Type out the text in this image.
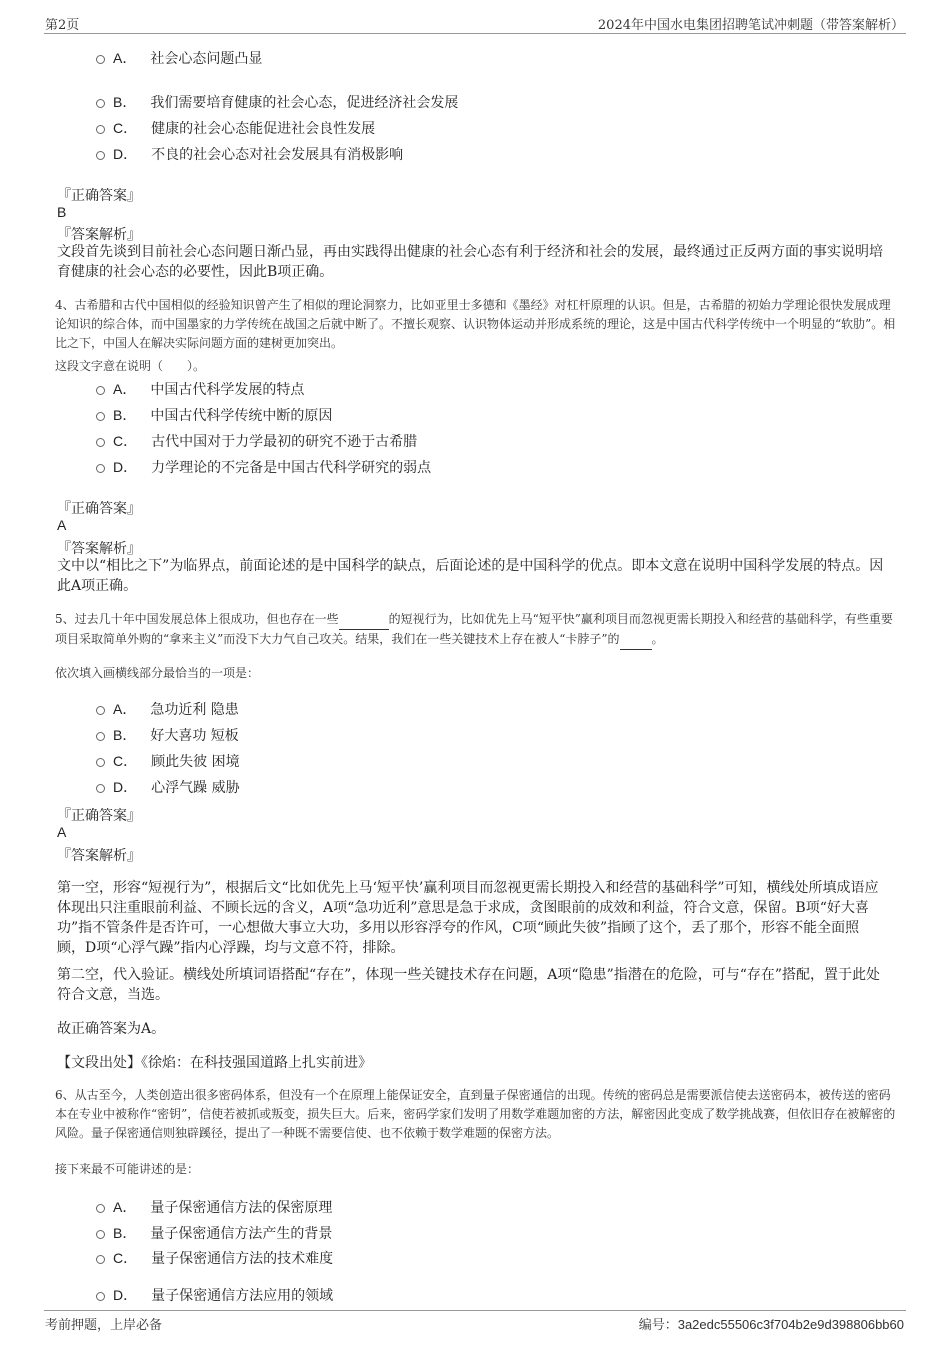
第2页	2024年中国水电集团招聘笔试冲刺题（带答案解析）
A． 社会心态问题凸显
B． 我们需要培育健康的社会心态，促进经济社会发展
C． 健康的社会心态能促进社会良性发展
D． 不良的社会心态对社会发展具有消极影响
『正确答案』
B
『答案解析』
文段首先谈到目前社会心态问题日渐凸显，再由实践得出健康的社会心态有利于经济和社会的发展，最终通过正反两方面的事实说明培育健康的社会心态的必要性，因此B项正确。
4、古希腊和古代中国相似的经验知识曾产生了相似的理论洞察力，比如亚里士多德和《墨经》对杠杆原理的认识。但是，古希腊的初始力学理论很快发展成理论知识的综合体，而中国墨家的力学传统在战国之后就中断了。不擅长观察、认识物体运动并形成系统的理论，这是中国古代科学传统中一个明显的“软肋”。相比之下，中国人在解决实际问题方面的建树更加突出。
这段文字意在说明（　　）。
A． 中国古代科学发展的特点
B． 中国古代科学传统中断的原因
C． 古代中国对于力学最初的研究不逊于古希腊
D． 力学理论的不完备是中国古代科学研究的弱点
『正确答案』
A
『答案解析』
文中以“相比之下”为临界点，前面论述的是中国科学的缺点，后面论述的是中国科学的优点。即本文意在说明中国科学发展的特点。因此A项正确。
5、过去几十年中国发展总体上很成功，但也存在一些	的短视行为，比如优先上马“短平快”赢利项目而忽视更需长期投入和经营的基础科学，有些重要项目采取简单外购的“拿来主义”而没下大力气自己攻关。结果，我们在一些关键技术上存在被人“卡脖子”的	。
依次填入画横线部分最恰当的一项是：
A． 急功近利 隐患
B． 好大喜功 短板
C． 顾此失彼 困境
D． 心浮气躁 威胁
『正确答案』
A
『答案解析』
第一空，形容“短视行为”，根据后文“比如优先上马‘短平快’赢利项目而忽视更需长期投入和经营的基础科学”可知，横线处所填成语应体现出只注重眼前利益、不顾长远的含义，A项“急功近利”意思是急于求成，贪图眼前的成效和利益，符合文意，保留。B项“好大喜功”指不管条件是否许可，一心想做大事立大功，多用以形容浮夸的作风，C项“顾此失彼”指顾了这个，丢了那个，形容不能全面照顾，D项“心浮气躁”指内心浮躁，均与文意不符，排除。
第二空，代入验证。横线处所填词语搭配“存在”，体现一些关键技术存在问题，A项“隐患”指潜在的危险，可与“存在”搭配，置于此处符合文意，当选。
故正确答案为A。
【文段出处】《徐焰：在科技强国道路上扎实前进》
6、从古至今，人类创造出很多密码体系，但没有一个在原理上能保证安全，直到量子保密通信的出现。传统的密码总是需要派信使去送密码本，被传送的密码本在专业中被称作“密钥”，信使若被抓或叛变，损失巨大。后来，密码学家们发明了用数学难题加密的方法，解密因此变成了数学挑战赛，但依旧存在被解密的风险。量子保密通信则独辟蹊径，提出了一种既不需要信使、也不依赖于数学难题的保密方法。
接下来最不可能讲述的是：
A． 量子保密通信方法的保密原理
B． 量子保密通信方法产生的背景
C． 量子保密通信方法的技术难度
D． 量子保密通信方法应用的领域
考前押题，上岸必备	编号：3a2edc55506c3f704b2e9d398806bb60
